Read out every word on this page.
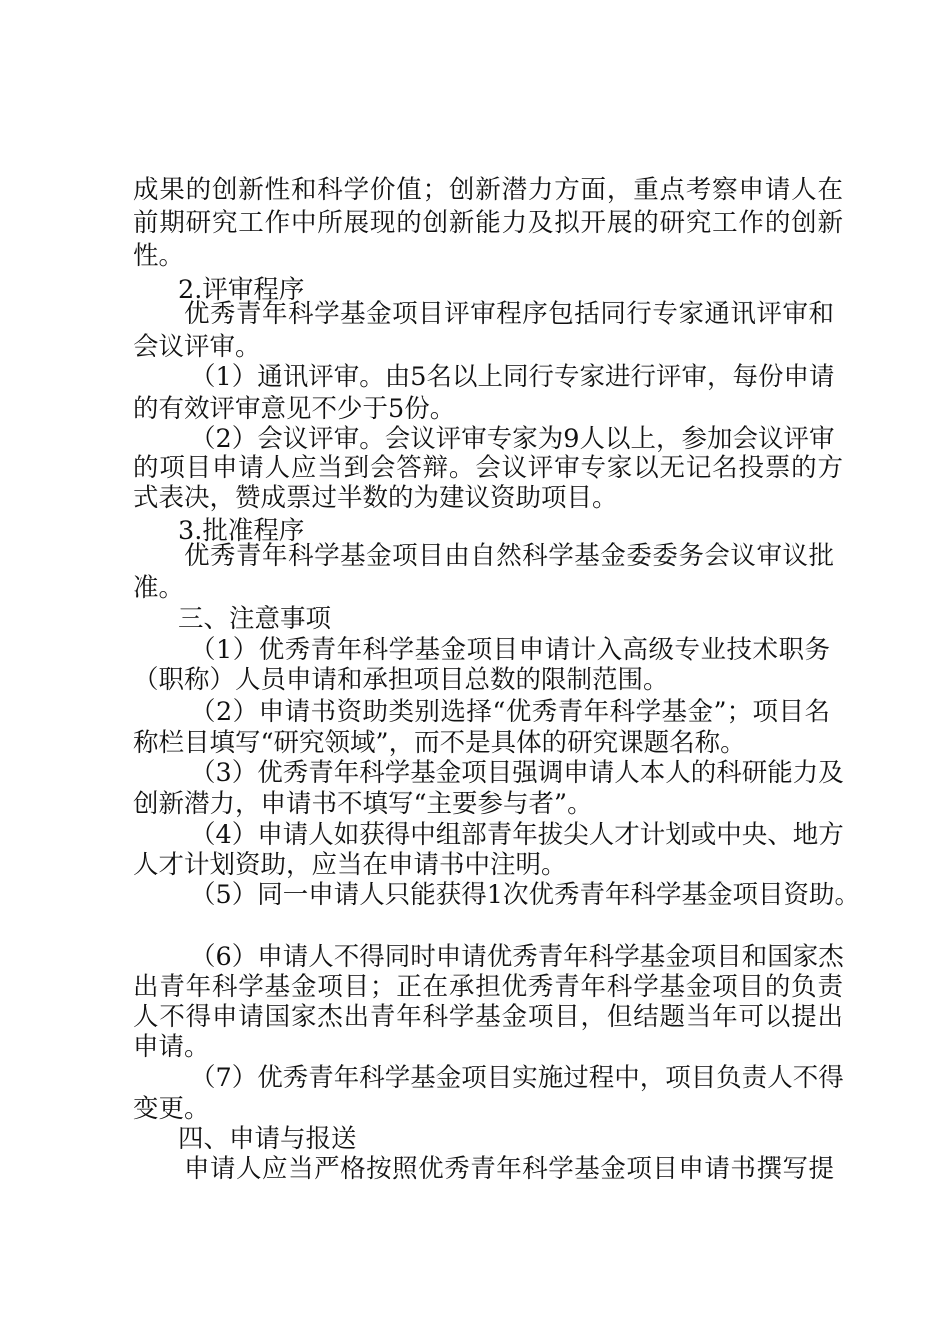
成果的创新性和科学价值；创新潜力方面，重点考察申请人在

前期研究工作中所展现的创新能力及拟开展的研究工作的创新

性。

2.评审程序

优秀青年科学基金项目评审程序包括同行专家通讯评审和

会议评审。

（1）通讯评审。由5名以上同行专家进行评审，每份申请

的有效评审意见不少于5份。

（2）会议评审。会议评审专家为9人以上，参加会议评审

的项目申请人应当到会答辩。会议评审专家以无记名投票的方

式表决，赞成票过半数的为建议资助项目。

3.批准程序

优秀青年科学基金项目由自然科学基金委委务会议审议批

准。

三、注意事项

（1）优秀青年科学基金项目申请计入高级专业技术职务

（职称）人员申请和承担项目总数的限制范围。

（2）申请书资助类别选择“优秀青年科学基金”；项目名

称栏目填写“研究领域”，而不是具体的研究课题名称。

（3）优秀青年科学基金项目强调申请人本人的科研能力及

创新潜力，申请书不填写“主要参与者”。

（4）申请人如获得中组部青年拔尖人才计划或中央、地方

人才计划资助，应当在申请书中注明。

（5）同一申请人只能获得1次优秀青年科学基金项目资助。

（6）申请人不得同时申请优秀青年科学基金项目和国家杰

出青年科学基金项目；正在承担优秀青年科学基金项目的负责

人不得申请国家杰出青年科学基金项目，但结题当年可以提出

申请。

（7）优秀青年科学基金项目实施过程中，项目负责人不得

变更。

四、申请与报送

申请人应当严格按照优秀青年科学基金项目申请书撰写提
